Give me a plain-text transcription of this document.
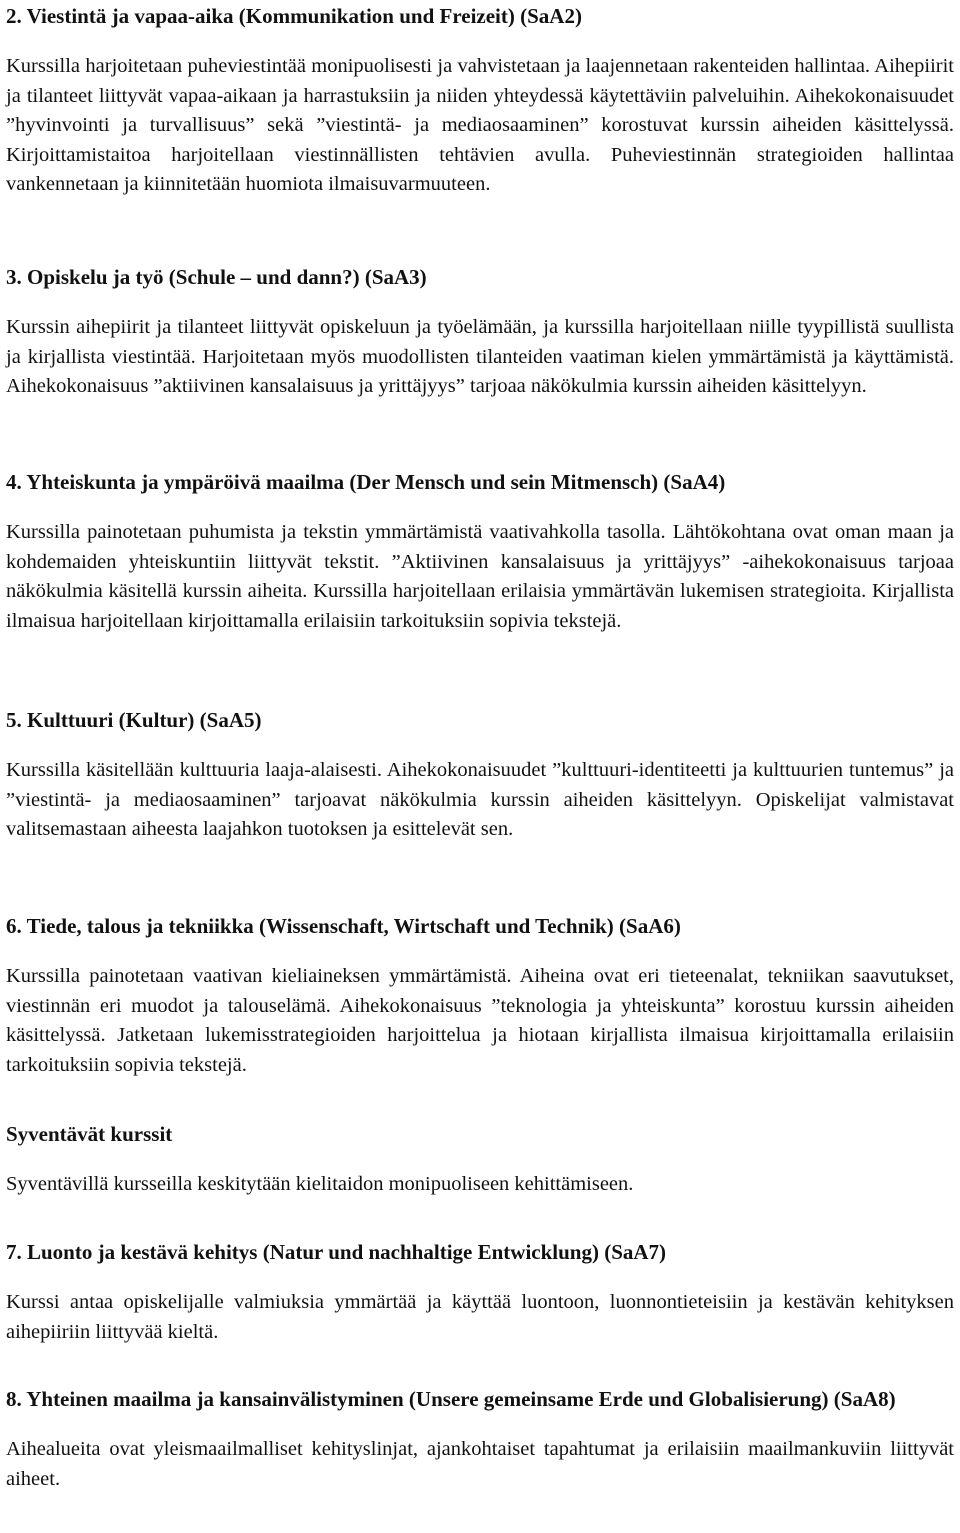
2. Viestintä ja vapaa-aika (Kommunikation und Freizeit) (SaA2)

Kurssilla harjoitetaan puheviestintää monipuolisesti ja vahvistetaan ja laajennetaan rakenteiden hallintaa. Aihepiirit ja tilanteet liittyvät vapaa-aikaan ja harrastuksiin ja niiden yhteydessä käytettäviin palveluihin. Aihekokonaisuudet ”hyvinvointi ja turvallisuus” sekä ”viestintä- ja mediaosaaminen” korostuvat kurssin aiheiden käsittelyssä. Kirjoittamistaitoa harjoitellaan viestinnällisten tehtävien avulla. Puheviestinnän strategioiden hallintaa vankennetaan ja kiinnitetään huomiota ilmaisuvarmuuteen.

3. Opiskelu ja työ (Schule – und dann?) (SaA3)

Kurssin aihepiirit ja tilanteet liittyvät opiskeluun ja työelämään, ja kurssilla harjoitellaan niille tyypillistä suullista ja kirjallista viestintää. Harjoitetaan myös muodollisten tilanteiden vaatiman kielen ymmärtämistä ja käyttämistä. Aihekokonaisuus ”aktiivinen kansalaisuus ja yrittäjyys” tarjoaa näkökulmia kurssin aiheiden käsittelyyn.

4. Yhteiskunta ja ympäröivä maailma (Der Mensch und sein Mitmensch) (SaA4)

Kurssilla painotetaan puhumista ja tekstin ymmärtämistä vaativahkolla tasolla. Lähtökohtana ovat oman maan ja kohdemaiden yhteiskuntiin liittyvät tekstit. ”Aktiivinen kansalaisuus ja yrittäjyys” -aihekokonaisuus tarjoaa näkökulmia käsitellä kurssin aiheita. Kurssilla harjoitellaan erilaisia ymmärtävän lukemisen strategioita. Kirjallista ilmaisua harjoitellaan kirjoittamalla erilaisiin tarkoituksiin sopivia tekstejä.

5. Kulttuuri (Kultur) (SaA5)

Kurssilla käsitellään kulttuuria laaja-alaisesti. Aihekokonaisuudet ”kulttuuri-identiteetti ja kulttuurien tuntemus” ja ”viestintä- ja mediaosaaminen” tarjoavat näkökulmia kurssin aiheiden käsittelyyn. Opiskelijat valmistavat valitsemastaan aiheesta laajahkon tuotoksen ja esittelevät sen.

6. Tiede, talous ja tekniikka (Wissenschaft, Wirtschaft und Technik) (SaA6)

Kurssilla painotetaan vaativan kieliaineksen ymmärtämistä. Aiheina ovat eri tieteenalat, tekniikan saavutukset, viestinnän eri muodot ja talouselämä. Aihekokonaisuus ”teknologia ja yhteiskunta” korostuu kurssin aiheiden käsittelyssä. Jatketaan lukemisstrategioiden harjoittelua ja hiotaan kirjallista ilmaisua kirjoittamalla erilaisiin tarkoituksiin sopivia tekstejä.

Syventävät kurssit

Syventävillä kursseilla keskitytään kielitaidon monipuoliseen kehittämiseen.

7. Luonto ja kestävä kehitys (Natur und nachhaltige Entwicklung) (SaA7)

Kurssi antaa opiskelijalle valmiuksia ymmärtää ja käyttää luontoon, luonnontieteisiin ja kestävän kehityksen aihepiiriin liittyvää kieltä.

8. Yhteinen maailma ja kansainvälistyminen (Unsere gemeinsame Erde und Globalisierung) (SaA8)

Aihealueita ovat yleismaailmalliset kehityslinjat, ajankohtaiset tapahtumat ja erilaisiin maailmankuviin liittyvät aiheet.
